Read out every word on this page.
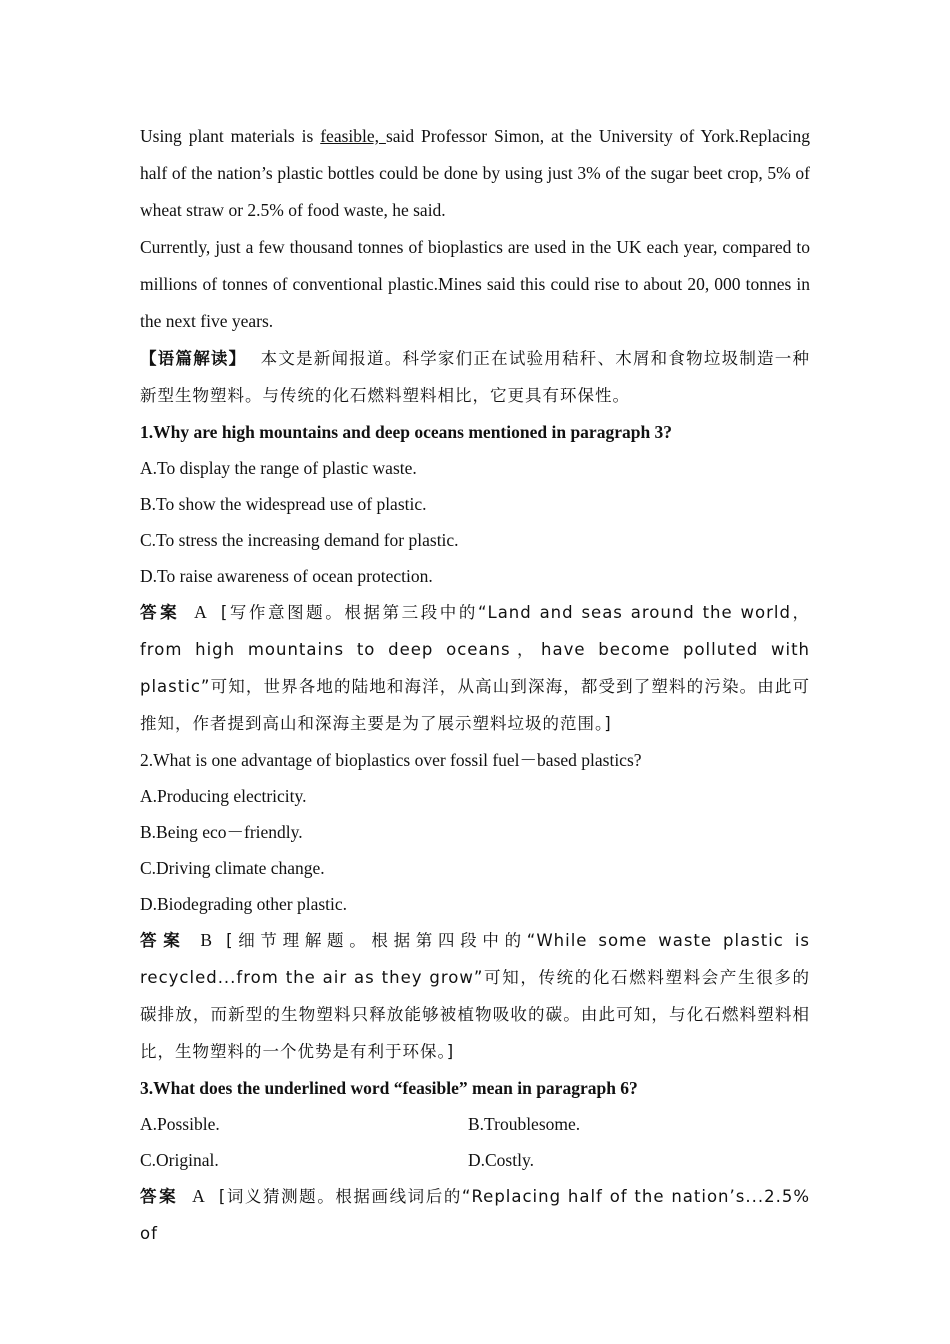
Using plant materials is feasible, said Professor Simon, at the University of York.Replacing half of the nation’s plastic bottles could be done by using just 3% of the sugar beet crop, 5% of wheat straw or 2.5% of food waste, he said.

Currently, just a few thousand tonnes of bioplastics are used in the UK each year, compared to millions of tonnes of conventional plastic.Mines said this could rise to about 20, 000 tonnes in the next five years.

【语篇解读】 本文是新闻报道。科学家们正在试验用秸秆、木屑和食物垃圾制造一种新型生物塑料。与传统的化石燃料塑料相比，它更具有环保性。

1.Why are high mountains and deep oceans mentioned in paragraph 3?

A.To display the range of plastic waste.

B.To show the widespread use of plastic.

C.To stress the increasing demand for plastic.

D.To raise awareness of ocean protection.

答案 A [写作意图题。根据第三段中的“Land and seas around the world，from high mountains to deep oceans，have become polluted with plastic”可知，世界各地的陆地和海洋，从高山到深海，都受到了塑料的污染。由此可推知，作者提到高山和深海主要是为了展示塑料垃圾的范围。]

2.What is one advantage of bioplastics over fossil fuel－based plastics?

A.Producing electricity.

B.Being eco－friendly.

C.Driving climate change.

D.Biodegrading other plastic.

答案 B [细节理解题。根据第四段中的“While some waste plastic is recycled...from the air as they grow”可知，传统的化石燃料塑料会产生很多的碳排放，而新型的生物塑料只释放能够被植物吸收的碳。由此可知，与化石燃料塑料相比，生物塑料的一个优势是有利于环保。]

3.What does the underlined word “feasible” mean in paragraph 6?

A.Possible.	B.Troublesome.
C.Original.	D.Costly.

答案 A [词义猜测题。根据画线词后的“Replacing half of the nation’s...2.5% of
